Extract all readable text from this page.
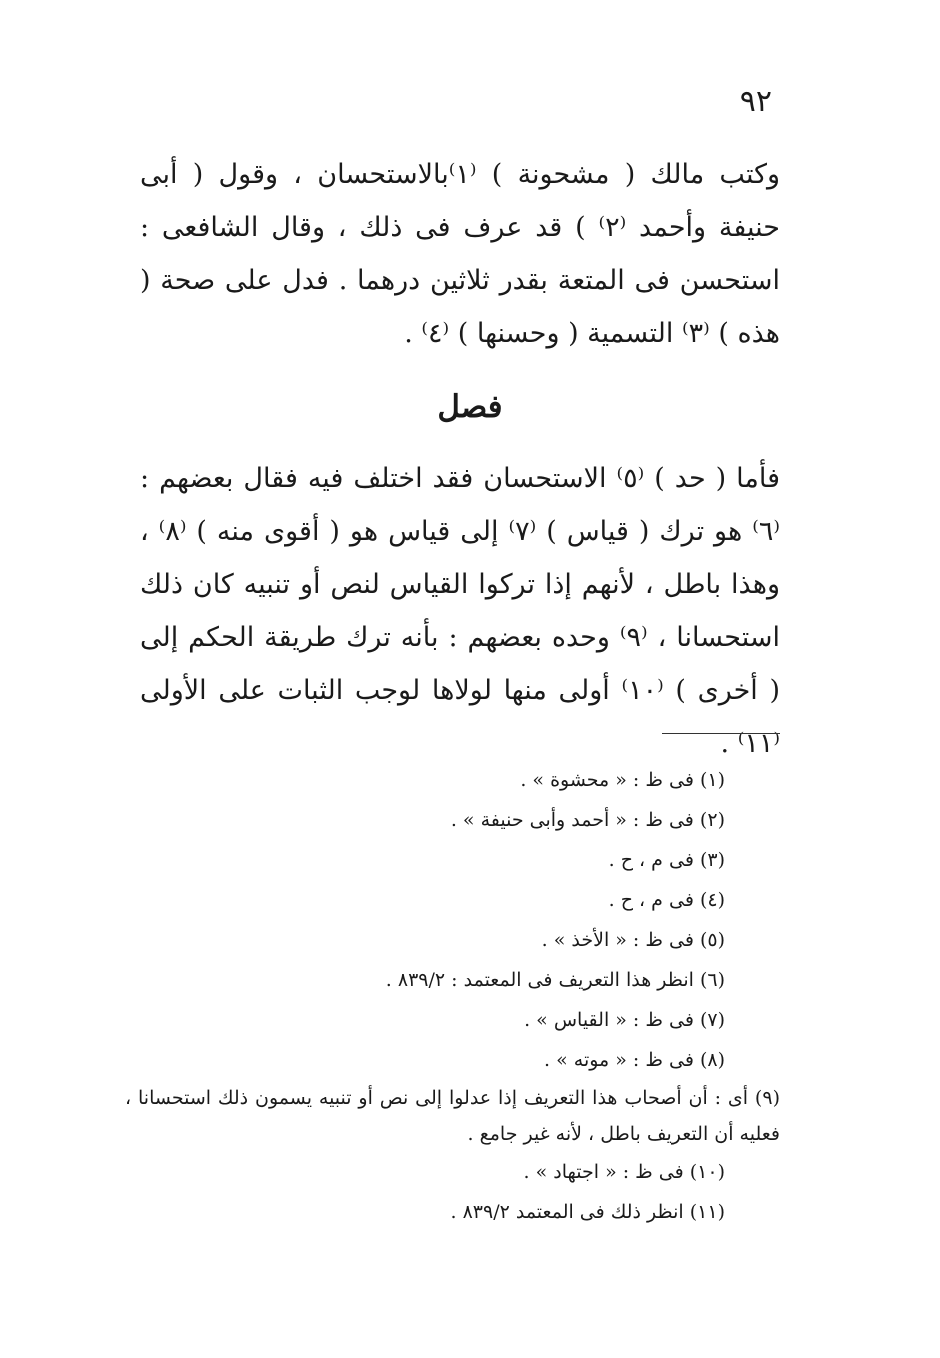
٩٢
وكتب مالك ( مشحونة ) ⁽١⁾بالاستحسان ، وقول ( أبى حنيفة وأحمد ⁽٢⁾ ) قد عرف فى ذلك ، وقال الشافعى : استحسن فى المتعة بقدر ثلاثين درهما . فدل على صحة ( هذه ) ⁽٣⁾ التسمية ( وحسنها ) ⁽٤⁾ .
فصل
فأما ( حد ) ⁽٥⁾ الاستحسان فقد اختلف فيه فقال بعضهم : ⁽٦⁾ هو ترك ( قياس ) ⁽٧⁾ إلى قياس هو ( أقوى منه ) ⁽٨⁾ ، وهذا باطل ، لأنهم إذا تركوا القياس لنص أو تنبيه كان ذلك استحسانا ، ⁽٩⁾ وحده بعضهم : بأنه ترك طريقة الحكم إلى ( أخرى ) ⁽١٠⁾ أولى منها لولاها لوجب الثبات على الأولى ⁽١١⁾ .
(١) فى ظ : « محشوة » .
(٢) فى ظ : « أحمد وأبى حنيفة » .
(٣) فى م ، ح .
(٤) فى م ، ح .
(٥) فى ظ : « الأخذ » .
(٦) انظر هذا التعريف فى المعتمد : ٨٣٩/٢ .
(٧) فى ظ : « القياس » .
(٨) فى ظ : « موته » .
(٩) أى : أن أصحاب هذا التعريف إذا عدلوا إلى نص أو تنبيه يسمون ذلك استحسانا ، فعليه أن التعريف باطل ، لأنه غير جامع .
(١٠) فى ظ : « اجتهاد » .
(١١) انظر ذلك فى المعتمد ٨٣٩/٢ .
